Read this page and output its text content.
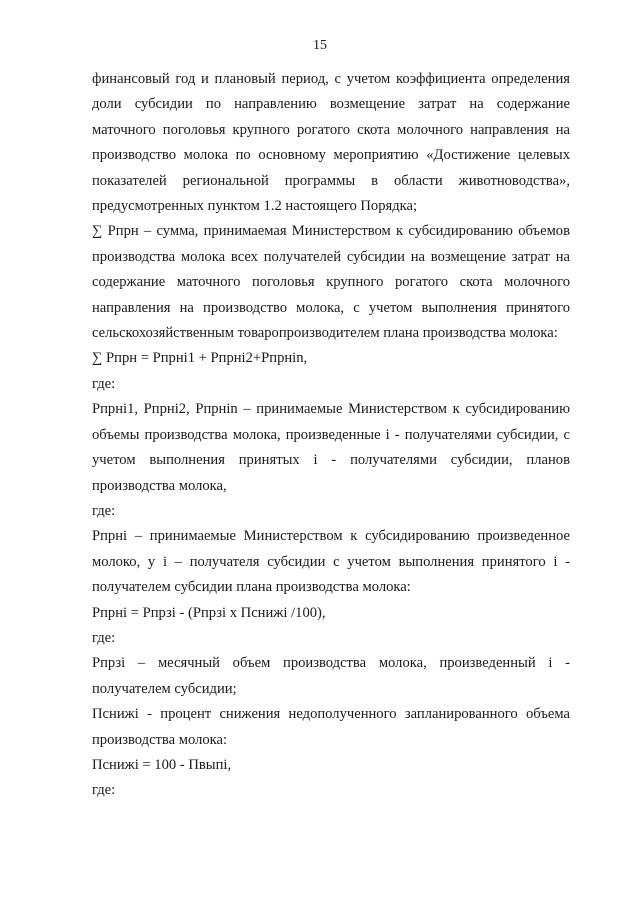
15

финансовый год и плановый период, с учетом коэффициента определения доли субсидии по направлению возмещение затрат на содержание маточного поголовья крупного рогатого скота молочного направления на производство молока по основному мероприятию «Достижение целевых показателей региональной программы в области животноводства», предусмотренных пунктом 1.2 настоящего Порядка;

∑ Рпрн – сумма, принимаемая Министерством к субсидированию объемов производства молока всех получателей субсидии на возмещение затрат на содержание маточного поголовья крупного рогатого скота молочного направления на производство молока, с учетом выполнения принятого сельскохозяйственным товаропроизводителем плана производства молока:

∑ Рпрн = Рпрнi1 + Рпрнi2+Рпрнin,

где:

Рпрнi1, Рпрнi2, Рпрнin – принимаемые Министерством к субсидированию объемы производства молока, произведенные i - получателями субсидии, с учетом выполнения принятых i - получателями субсидии, планов производства молока,

где:

Рпрнi – принимаемые Министерством к субсидированию произведенное молоко, у i – получателя субсидии с учетом выполнения принятого i - получателем субсидии плана производства молока:

Рпрнi = Рпрзi - (Рпрзi х Пснижi /100),

где:

Рпрзi – месячный объем производства молока, произведенный i - получателем субсидии;

Пснижi - процент снижения недополученного запланированного объема производства молока:

Пснижi = 100 - Пвыпi,

где:
